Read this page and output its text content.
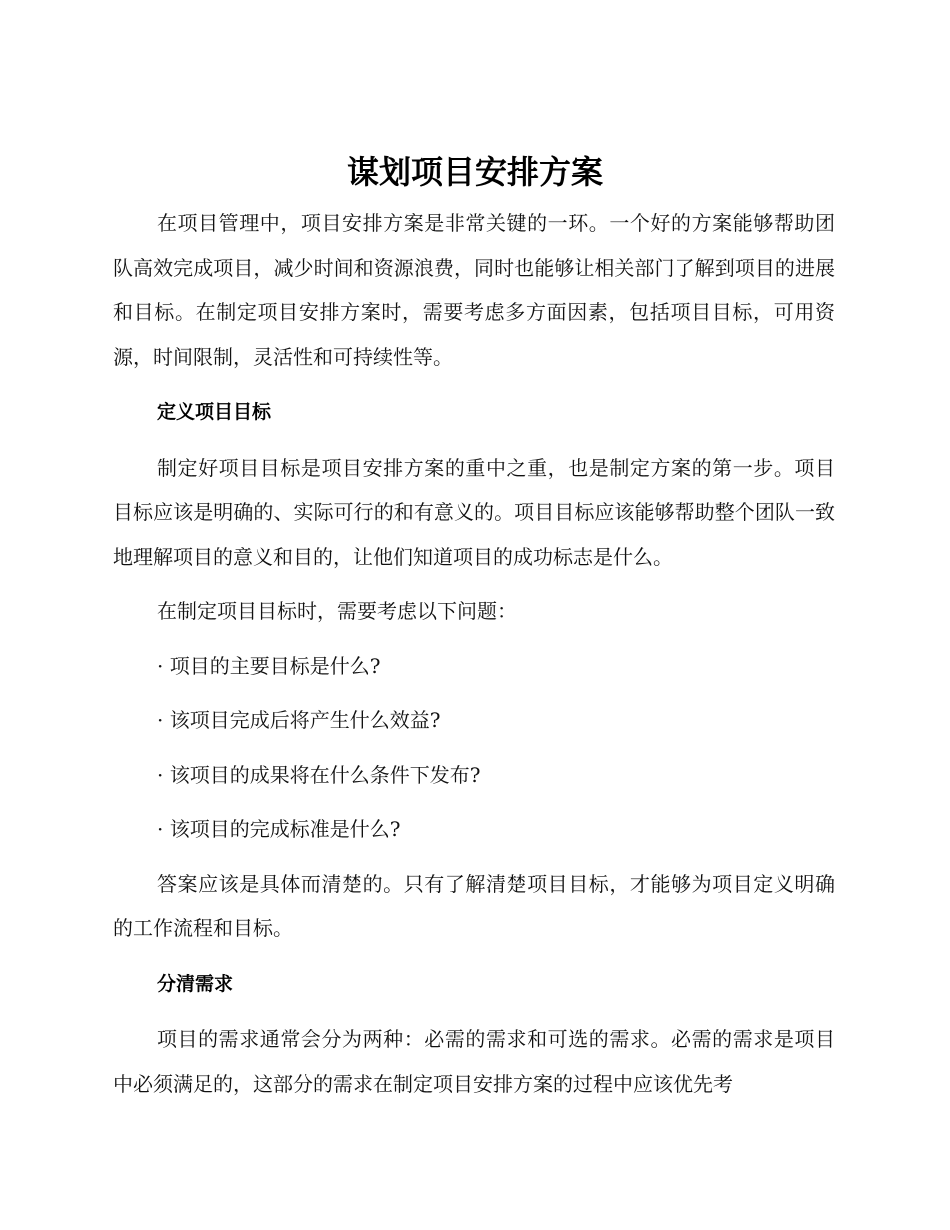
谋划项目安排方案

在项目管理中，项目安排方案是非常关键的一环。一个好的方案能够帮助团队高效完成项目，减少时间和资源浪费，同时也能够让相关部门了解到项目的进展和目标。在制定项目安排方案时，需要考虑多方面因素，包括项目目标，可用资源，时间限制，灵活性和可持续性等。

定义项目目标

制定好项目目标是项目安排方案的重中之重，也是制定方案的第一步。项目目标应该是明确的、实际可行的和有意义的。项目目标应该能够帮助整个团队一致地理解项目的意义和目的，让他们知道项目的成功标志是什么。

在制定项目目标时，需要考虑以下问题：

· 项目的主要目标是什么?

· 该项目完成后将产生什么效益?

· 该项目的成果将在什么条件下发布?

· 该项目的完成标准是什么?

答案应该是具体而清楚的。只有了解清楚项目目标，才能够为项目定义明确的工作流程和目标。

分清需求

项目的需求通常会分为两种：必需的需求和可选的需求。必需的需求是项目中必须满足的，这部分的需求在制定项目安排方案的过程中应该优先考
